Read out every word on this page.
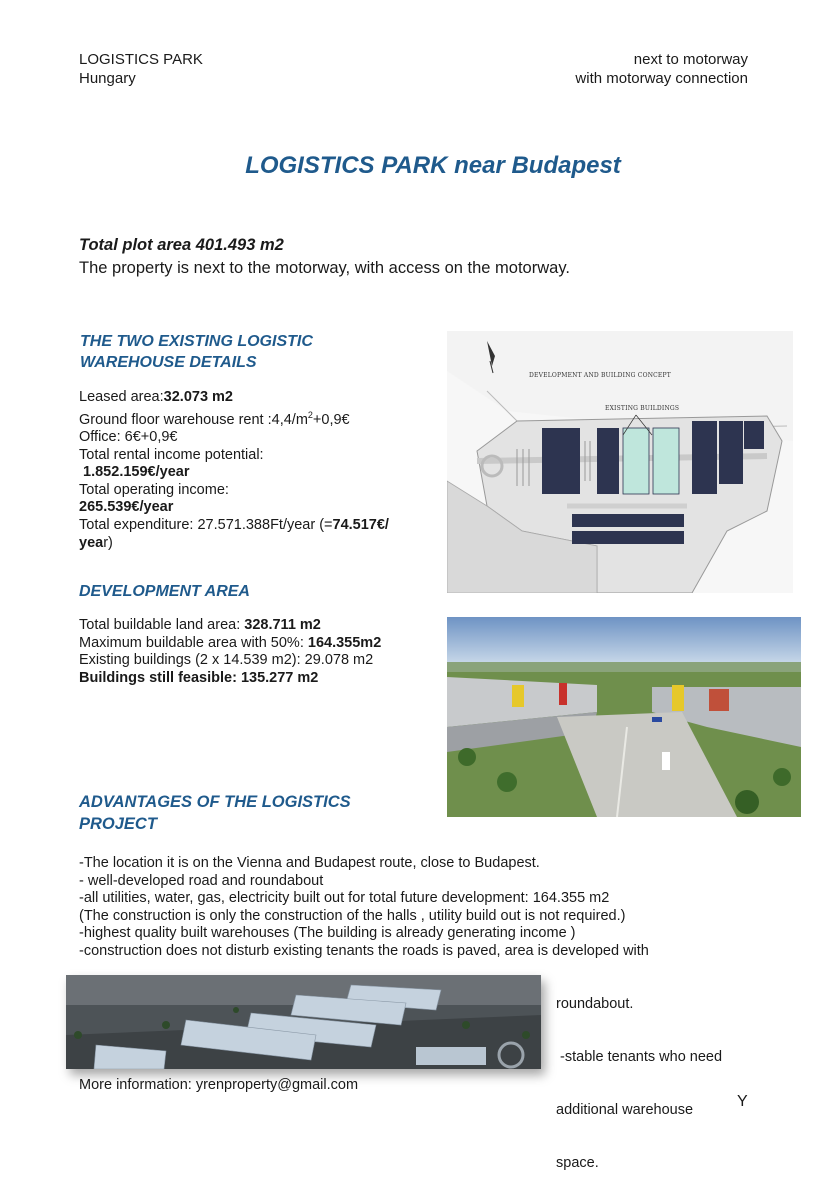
LOGISTICS PARK
Hungary
next to motorway
with motorway connection
LOGISTICS PARK near Budapest
Total plot area 401.493 m2
The property is next to the motorway, with access on the motorway.
THE TWO EXISTING LOGISTIC
WAREHOUSE DETAILS
Leased area:32.073 m2
Ground floor warehouse rent $:4,4/m^2+0,9€$
Office: 6€+0,9€
Total rental income potential:
1.852.159€/year
Total operating income:
265.539€/year
Total expenditure: 27.571.388Ft/year (=74.517€/
year)
DEVELOPMENT AND BUILDING CONCEPT
EXISTING BUILDINGS
DEVELOPMENT AREA
Total buildable land area: 328.711 m2
Maximum buildable area with 50%: 164.355m2
Existing buildings (2 x 14.539 m2): 29.078 m2
Buildings still feasible: 135.277 m2
ADVANTAGES OF THE LOGISTICS
PROJECT
-The location it is on the Vienna and Budapest route, close to Budapest.
- well-developed road and roundabout
-all utilities, water, gas, electricity built out for total future development: 164.355 m2
(The construction is only the construction of the halls , utility build out is not required.)
-highest quality built warehouses (The building is already generating income )
-construction does not disturb existing tenants the roads is paved, area is developed with

roundabout.

-stable tenants who need

additional warehouse

space.

More information: yrenproperty@gmail.com
Y
